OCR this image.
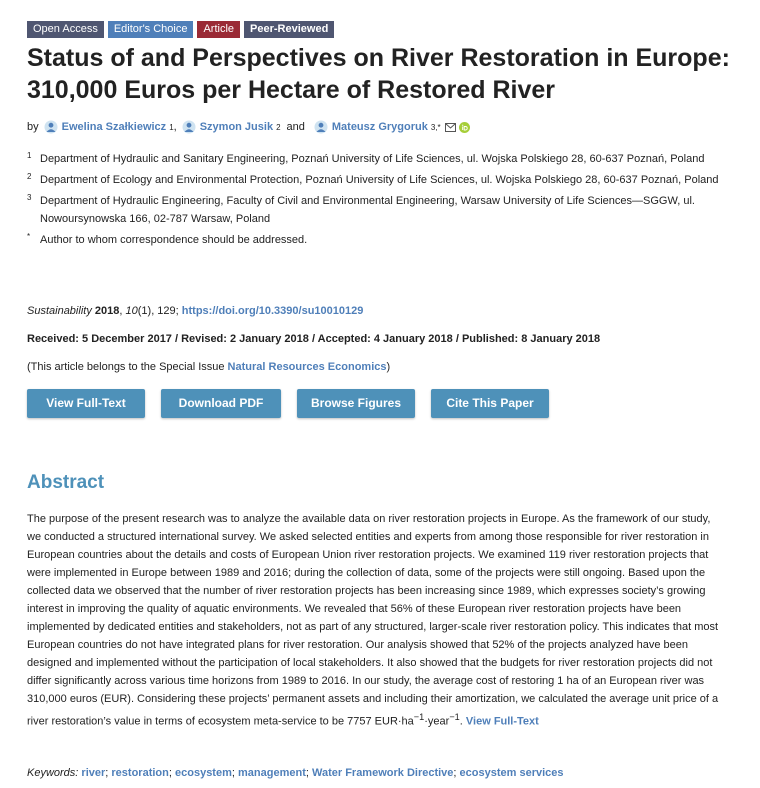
Open Access	Editor's Choice	Article	Peer-Reviewed
Status of and Perspectives on River Restoration in Europe: 310,000 Euros per Hectare of Restored River
by Ewelina Szałkiewicz 1 , Szymon Jusik 2 and Mateusz Grygoruk 3,*
1 Department of Hydraulic and Sanitary Engineering, Poznań University of Life Sciences, ul. Wojska Polskiego 28, 60-637 Poznań, Poland
2 Department of Ecology and Environmental Protection, Poznań University of Life Sciences, ul. Wojska Polskiego 28, 60-637 Poznań, Poland
3 Department of Hydraulic Engineering, Faculty of Civil and Environmental Engineering, Warsaw University of Life Sciences—SGGW, ul. Nowoursynowska 166, 02-787 Warsaw, Poland
* Author to whom correspondence should be addressed.
Sustainability 2018, 10(1), 129; https://doi.org/10.3390/su10010129
Received: 5 December 2017 / Revised: 2 January 2018 / Accepted: 4 January 2018 / Published: 8 January 2018
(This article belongs to the Special Issue Natural Resources Economics)
View Full-Text	Download PDF	Browse Figures	Cite This Paper
Abstract

The purpose of the present research was to analyze the available data on river restoration projects in Europe. As the framework of our study, we conducted a structured international survey. We asked selected entities and experts from among those responsible for river restoration in European countries about the details and costs of European Union river restoration projects. We examined 119 river restoration projects that were implemented in Europe between 1989 and 2016; during the collection of data, some of the projects were still ongoing. Based upon the collected data we observed that the number of river restoration projects has been increasing since 1989, which expresses society’s growing interest in improving the quality of aquatic environments. We revealed that 56% of these European river restoration projects have been implemented by dedicated entities and stakeholders, not as part of any structured, larger-scale river restoration policy. This indicates that most European countries do not have integrated plans for river restoration. Our analysis showed that 52% of the projects analyzed have been designed and implemented without the participation of local stakeholders. It also showed that the budgets for river restoration projects did not differ significantly across various time horizons from 1989 to 2016. In our study, the average cost of restoring 1 ha of an European river was 310,000 euros (EUR). Considering these projects’ permanent assets and including their amortization, we calculated the average unit price of a river restoration’s value in terms of ecosystem meta-service to be 7757 $EUR\cdot ha^{-1}\cdot year^{-1}$. View Full-Text

Keywords: river; restoration; ecosystem; management; Water Framework Directive; ecosystem services
